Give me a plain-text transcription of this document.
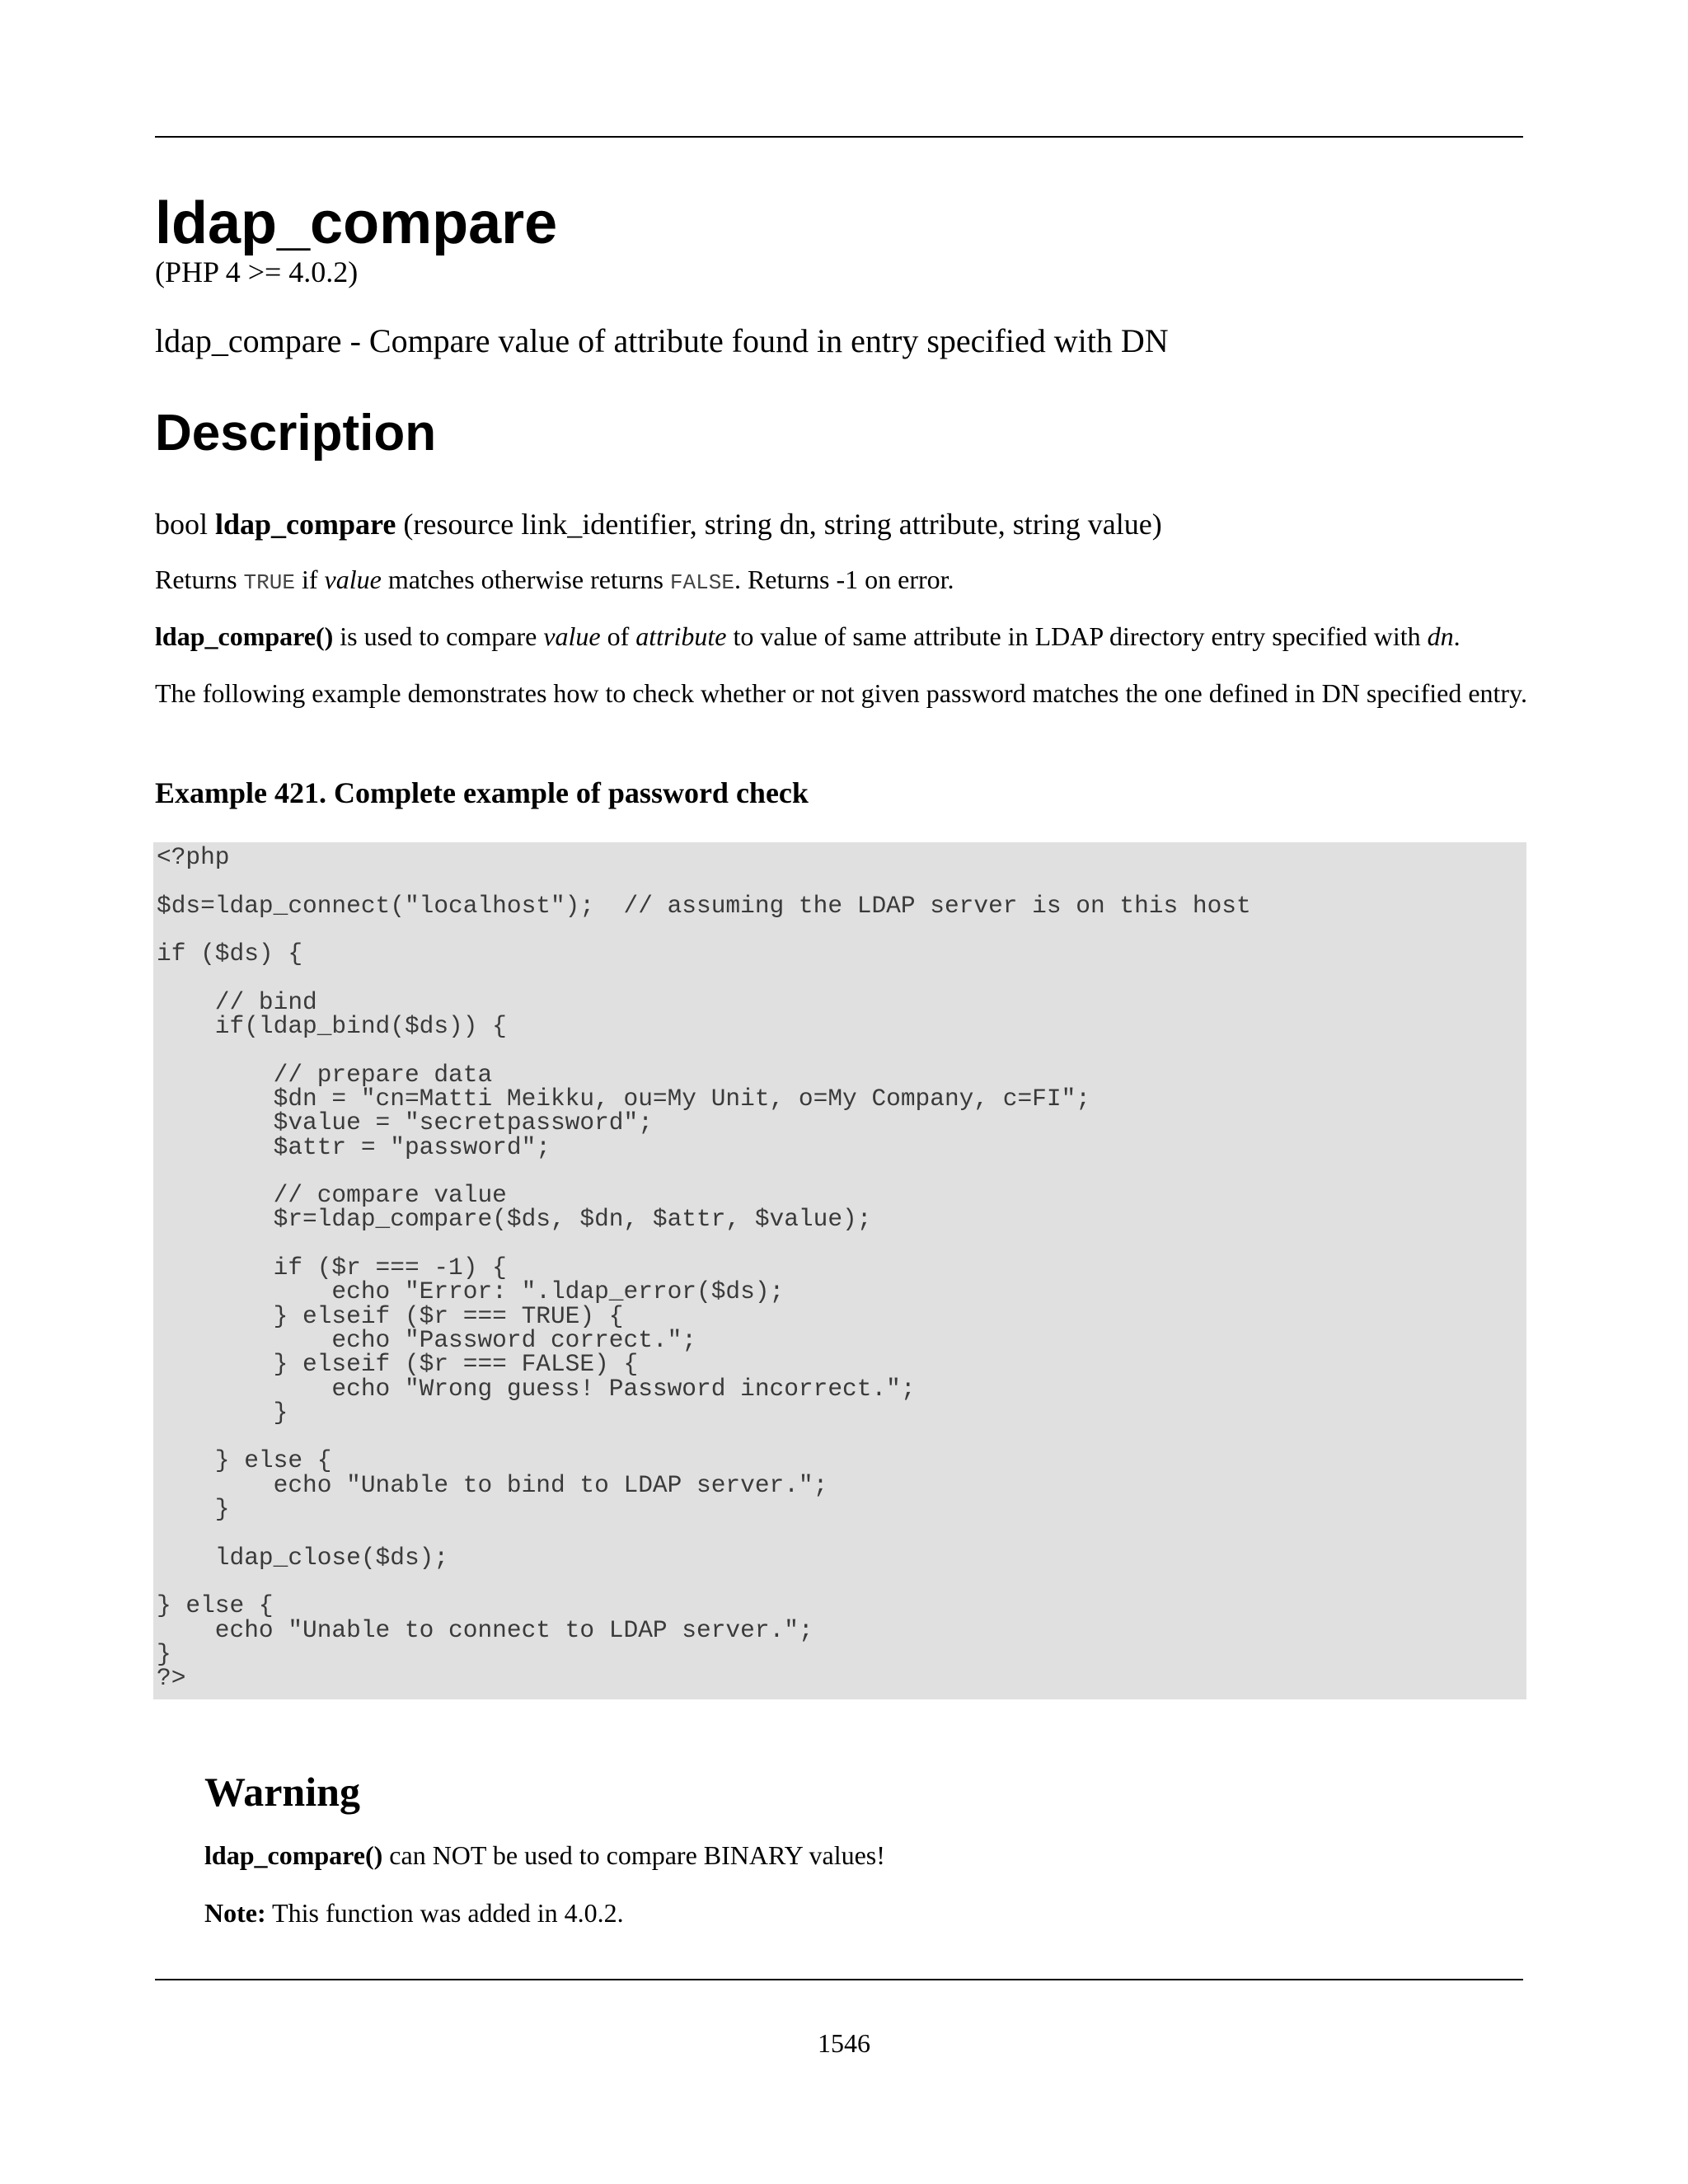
ldap_compare

(PHP 4 >= 4.0.2)

ldap_compare - Compare value of attribute found in entry specified with DN

Description

bool ldap_compare (resource link_identifier, string dn, string attribute, string value)

Returns TRUE if value matches otherwise returns FALSE. Returns -1 on error.

ldap_compare() is used to compare value of attribute to value of same attribute in LDAP directory entry specified with dn.

The following example demonstrates how to check whether or not given password matches the one defined in DN specified entry.

Example 421. Complete example of password check

<?php

$ds=ldap_connect("localhost");  // assuming the LDAP server is on this host

if ($ds) {

// bind
if(ldap_bind($ds)) {

// prepare data
$dn = "cn=Matti Meikku, ou=My Unit, o=My Company, c=FI";
$value = "secretpassword";
$attr = "password";

// compare value
$r=ldap_compare($ds, $dn, $attr, $value);

if ($r === -1) {
echo "Error: ".ldap_error($ds);
} elseif ($r === TRUE) {
echo "Password correct.";
} elseif ($r === FALSE) {
echo "Wrong guess! Password incorrect.";
}

} else {
echo "Unable to bind to LDAP server.";
}

ldap_close($ds);

} else {
echo "Unable to connect to LDAP server.";
}
?>
Warning

ldap_compare() can NOT be used to compare BINARY values!

Note: This function was added in 4.0.2.

1546
